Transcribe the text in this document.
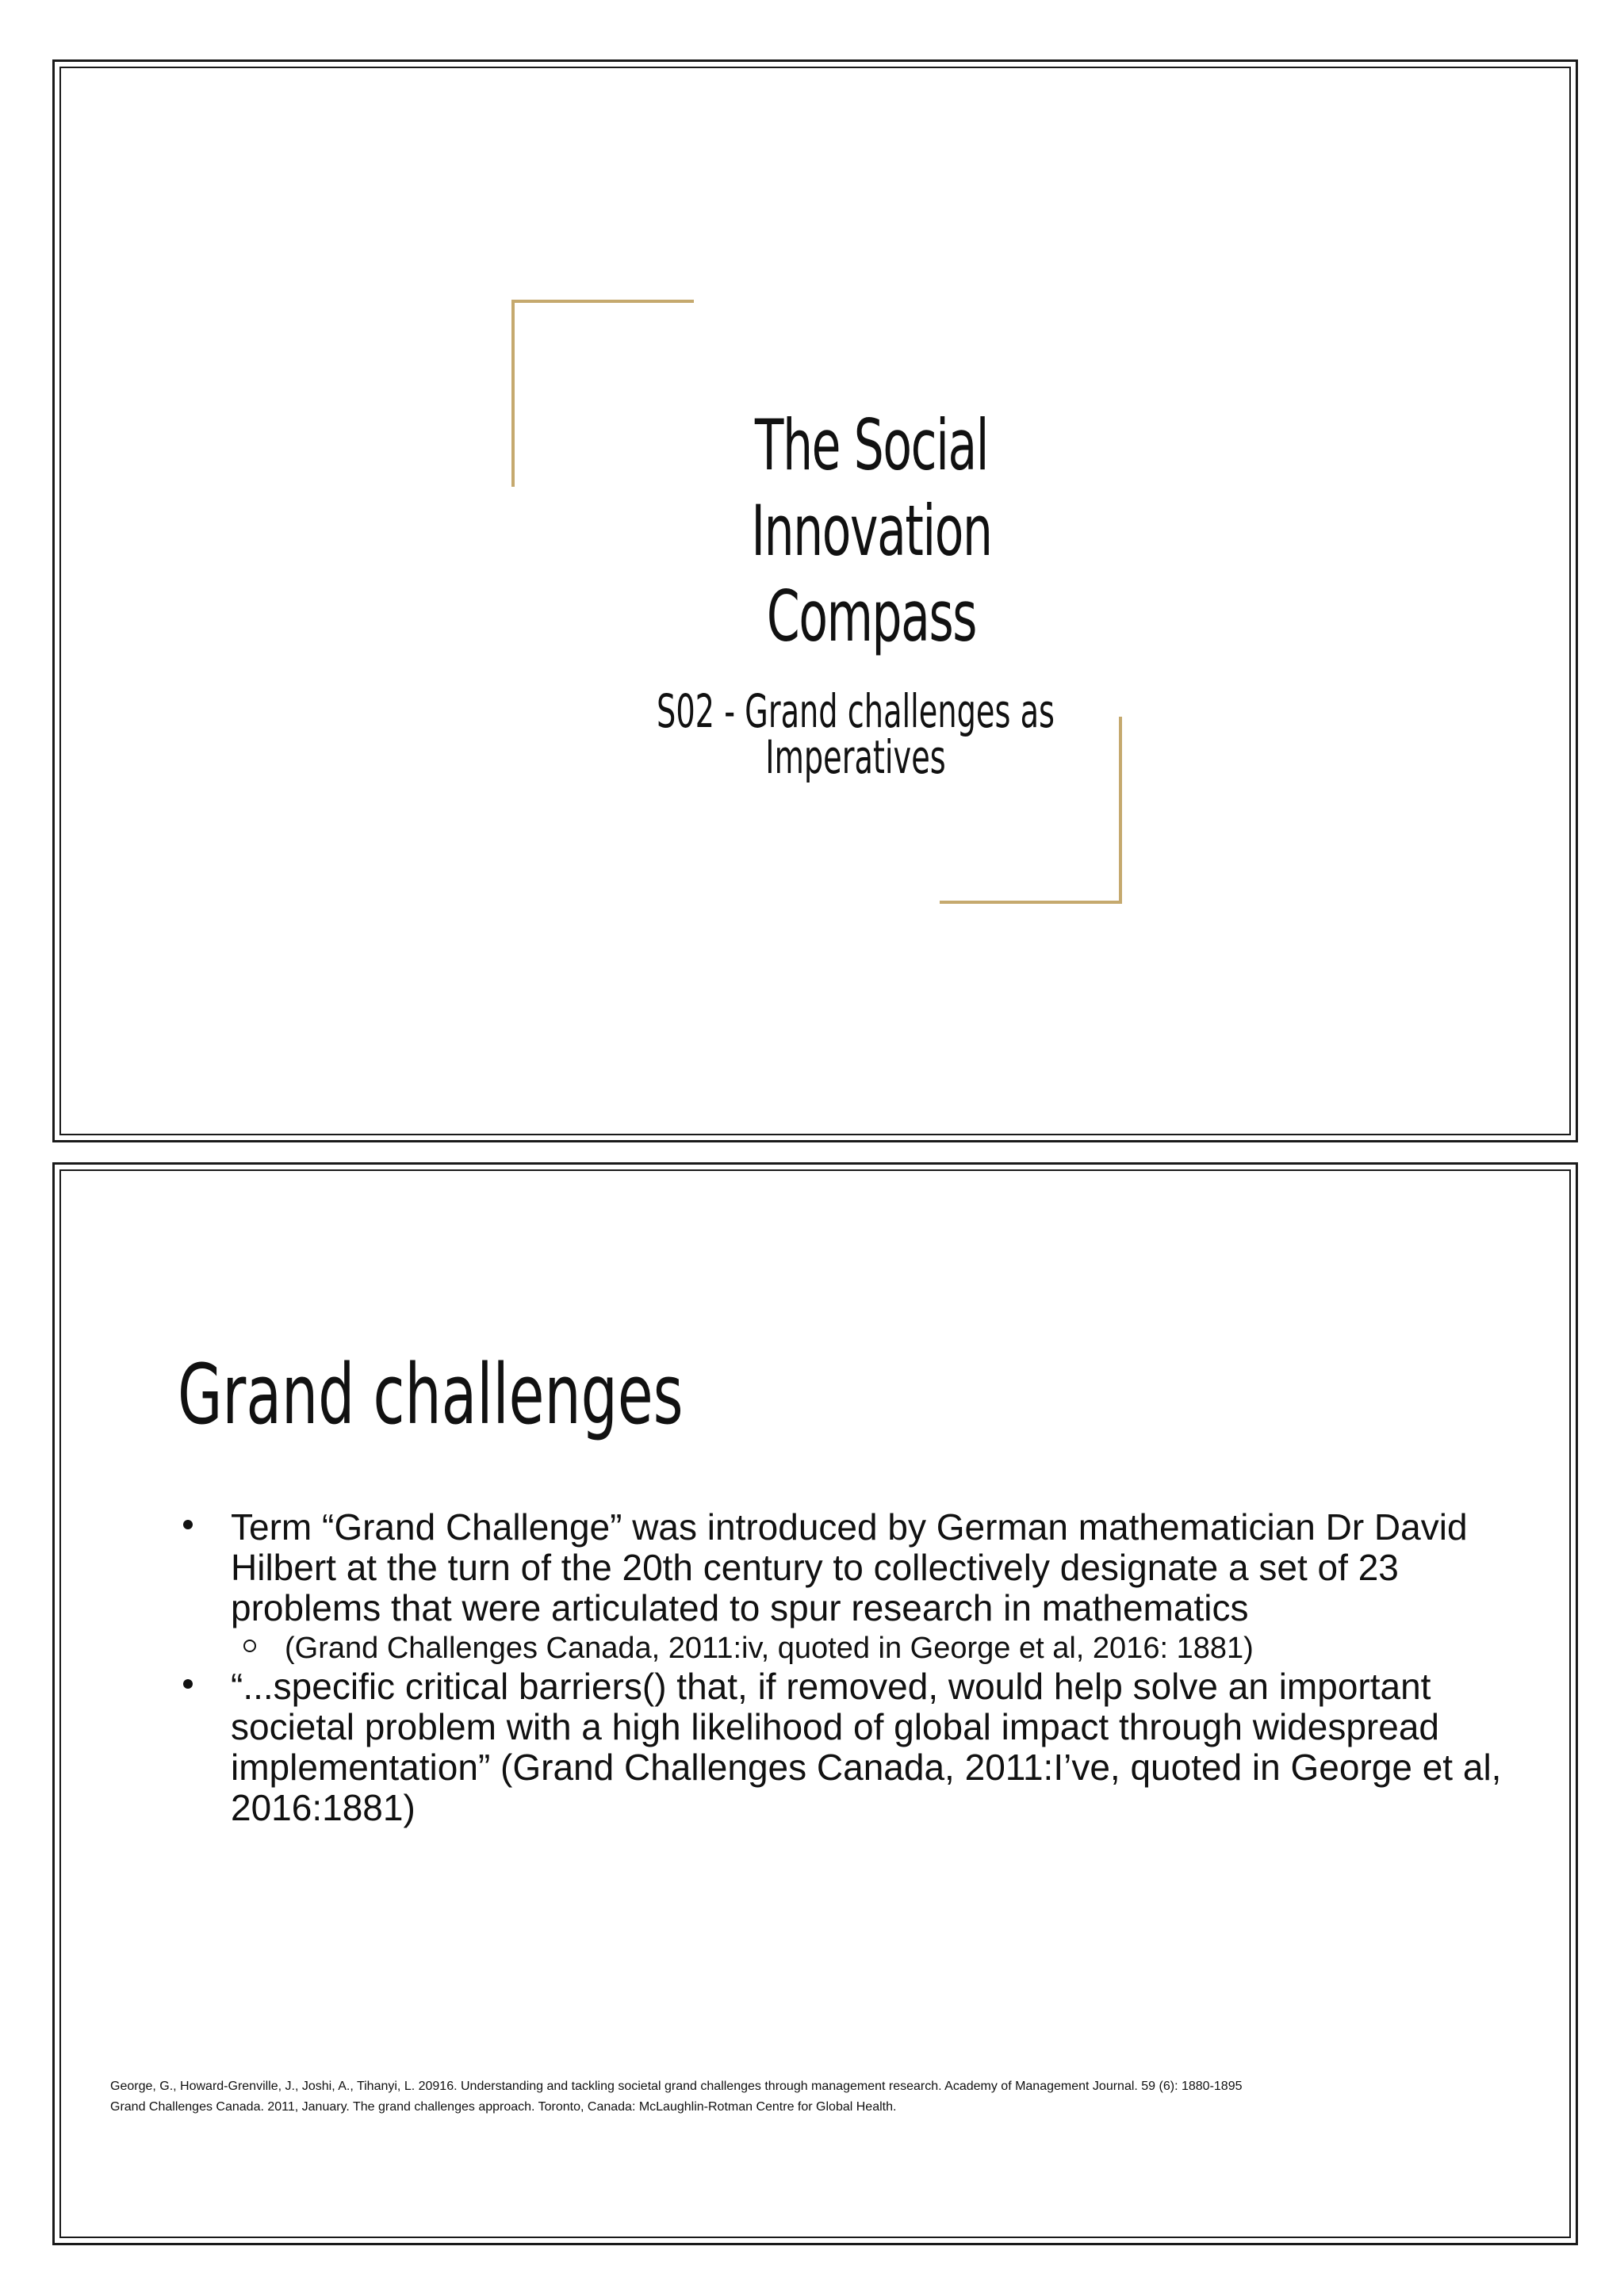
The Social
Innovation
Compass
S02 - Grand challenges as
Imperatives
Grand challenges
Term “Grand Challenge” was introduced by German mathematician Dr David Hilbert at the turn of the 20th century to collectively designate a set of 23 problems that were articulated to spur research in mathematics
(Grand Challenges Canada, 2011:iv, quoted in George et al, 2016: 1881)
“...specific critical barriers() that, if removed, would help solve an important societal problem with a high likelihood of global impact through widespread implementation” (Grand Challenges Canada, 2011:I’ve, quoted in George et al, 2016:1881)
George, G., Howard-Grenville, J., Joshi, A., Tihanyi, L. 20916. Understanding and tackling societal grand challenges through management research. Academy of Management Journal. 59 (6): 1880-1895
Grand Challenges Canada. 2011, January. The grand challenges approach. Toronto, Canada: McLaughlin-Rotman Centre for Global Health.
